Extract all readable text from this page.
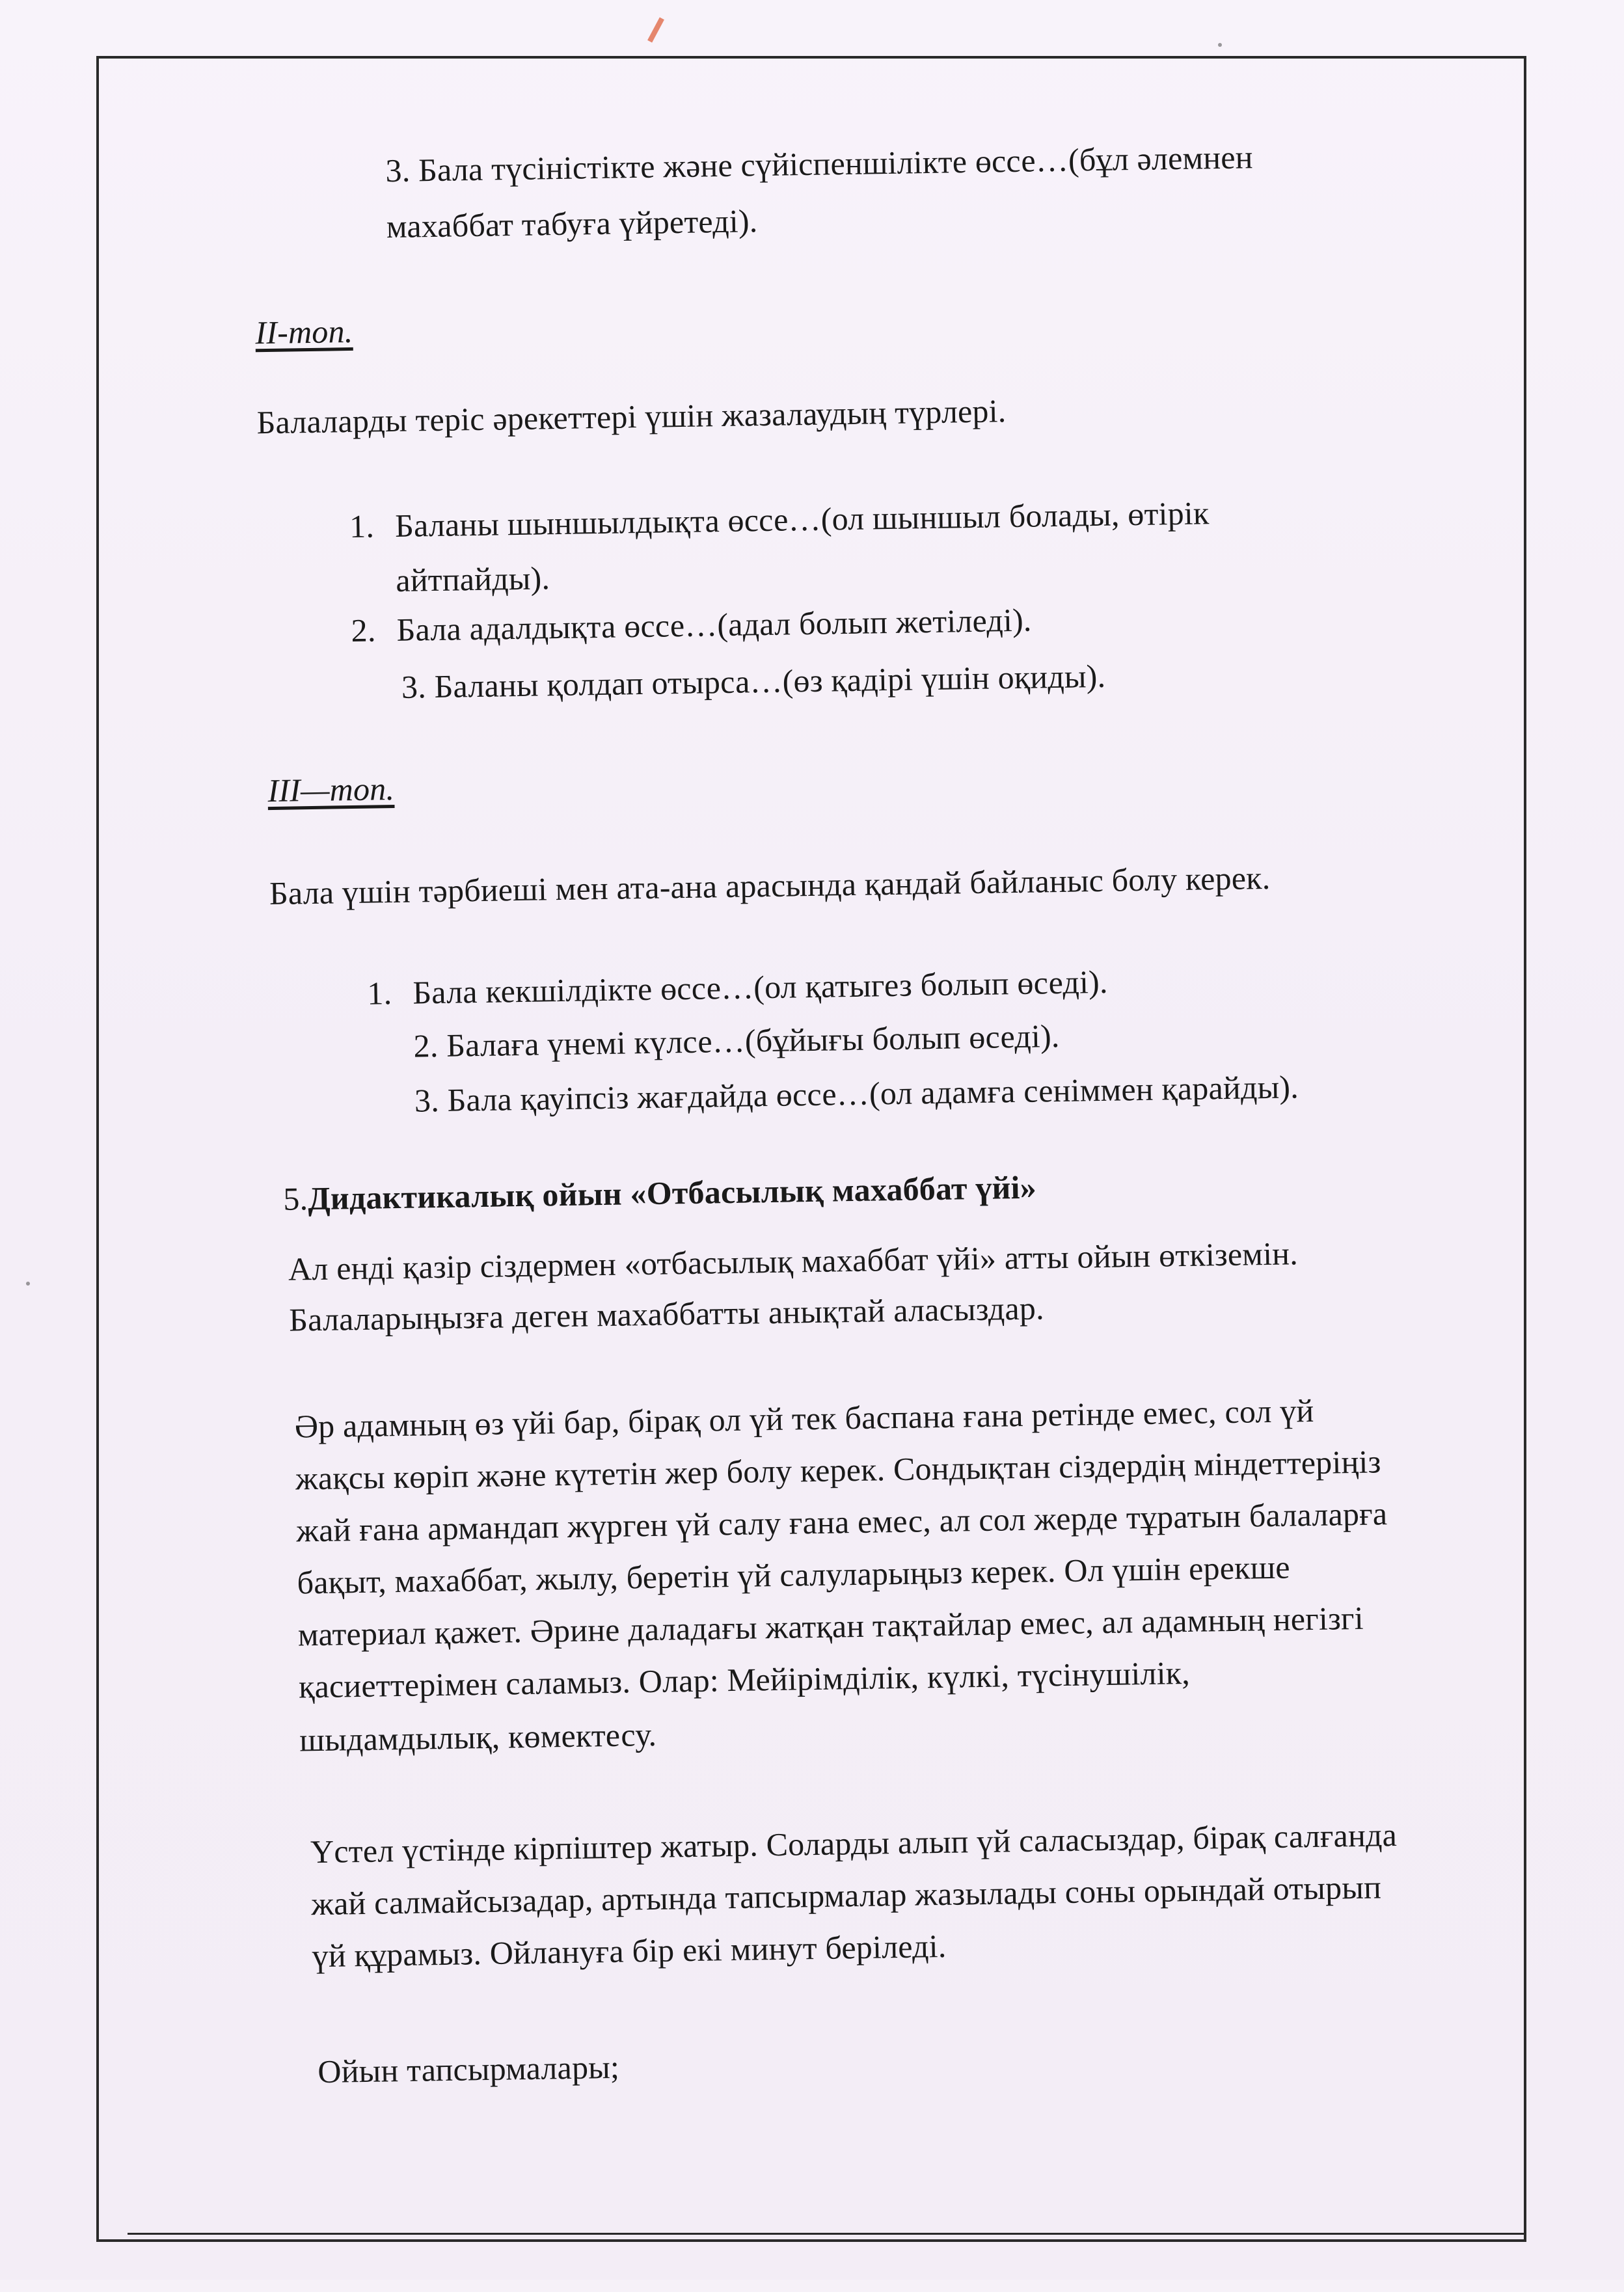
3. Бала түсіністікте және сүйіспеншілікте өссе…(бұл әлемнен
махаббат табуға үйретеді).
ІІ-топ.
Балаларды теріс әрекеттері үшін жазалаудың түрлері.
1. Баланы шыншылдықта өссе…(ол шыншыл болады, өтірік
айтпайды).
2. Бала адалдықта өссе…(адал болып жетіледі).
3. Баланы қолдап отырса…(өз қадірі үшін оқиды).
ІІІ—топ.
Бала үшін тәрбиеші мен ата-ана арасында қандай байланыс болу керек.
1. Бала кекшілдікте өссе…(ол қатыгез болып өседі).
2. Балаға үнемі күлсе…(бұйығы болып өседі).
3. Бала қауіпсіз жағдайда өссе…(ол адамға сеніммен қарайды).
5.Дидактикалық ойын «Отбасылық махаббат үйі»
Ал енді қазір сіздермен «отбасылық махаббат үйі» атты ойын өткіземін.
Балаларыңызға деген махаббатты анықтай аласыздар.
Әр адамның өз үйі бар, бірақ ол үй тек баспана ғана ретінде емес, сол үй
жақсы көріп және күтетін жер болу керек. Сондықтан сіздердің міндеттеріңіз
жай ғана армандап жүрген үй салу ғана емес, ал сол жерде тұратын балаларға
бақыт, махаббат, жылу, беретін үй салуларыңыз керек. Ол үшін ерекше
материал қажет. Әрине даладағы жатқан тақтайлар емес, ал адамның негізгі
қасиеттерімен саламыз. Олар: Мейірімділік, күлкі, түсінушілік,
шыдамдылық, көмектесу.
Үстел үстінде кірпіштер жатыр. Соларды алып үй саласыздар, бірақ салғанда
жай салмайсызадар, артында тапсырмалар жазылады соны орындай отырып
үй құрамыз. Ойлануға бір екі минут беріледі.
Ойын тапсырмалары;
